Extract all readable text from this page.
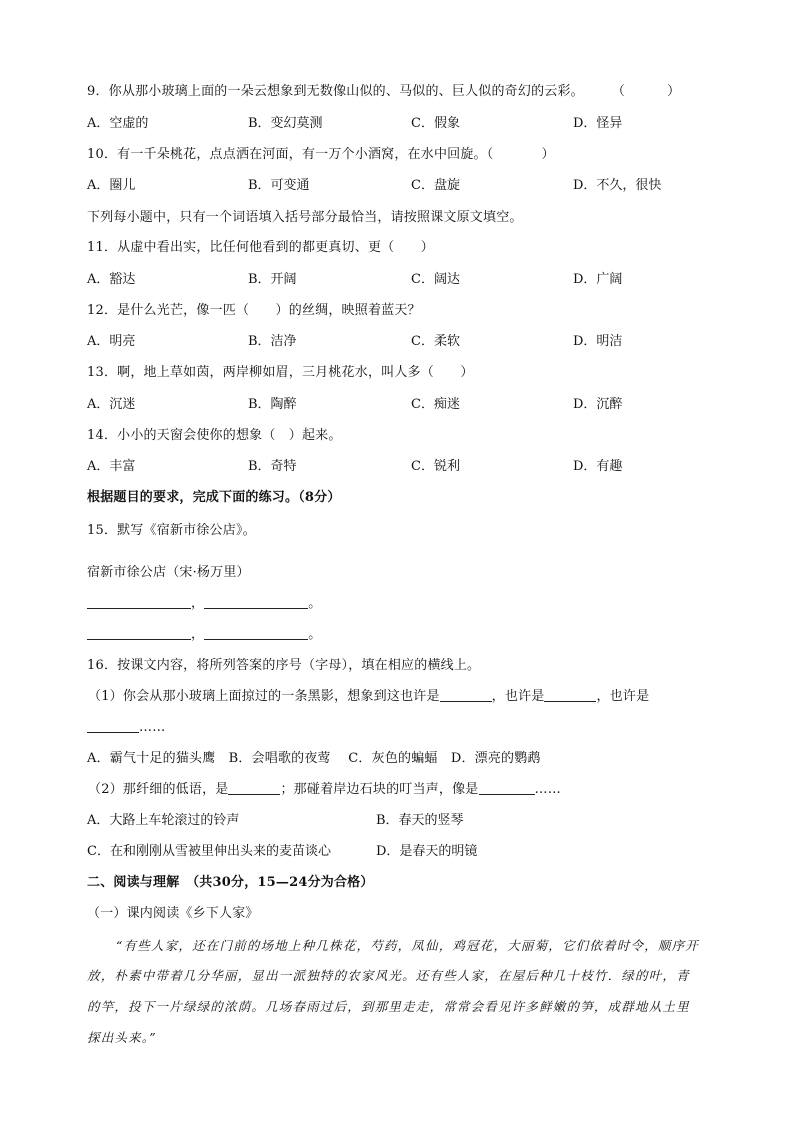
9．你从那小玻璃上面的一朵云想象到无数像山似的、马似的、巨人似的奇幻的云彩。 （	）
A．空虚的	B．变幻莫测	C．假象	D．怪异
10．有一千朵桃花，点点洒在河面，有一万个小酒窝，在水中回旋。（	）
A．圈儿	B．可变通	C．盘旋	D．不久，很快
下列每小题中，只有一个词语填入括号部分最恰当，请按照课文原文填空。
11．从虚中看出实，比任何他看到的都更真切、更（　　）
A．豁达	B．开阔	C．阔达	D．广阔
12．是什么光芒，像一匹（　　）的丝绸，映照着蓝天？
A．明亮	B．洁净	C．柔软	D．明洁
13．啊，地上草如茵，两岸柳如眉，三月桃花水，叫人多（　　）
A．沉迷	B．陶醉	C．痴迷	D．沉醉
14．小小的天窗会使你的想象（　）起来。
A．丰富	B．奇特	C．锐利	D．有趣
根据题目的要求，完成下面的练习。（8分）
15．默写《宿新市徐公店》。
宿新市徐公店（宋·杨万里）
，	。
，	。
16．按课文内容，将所列答案的序号（字母），填在相应的横线上。
（1）你会从那小玻璃上面掠过的一条黑影，想象到这也许是	，也许是	，也许是
……
A．霸气十足的猫头鹰　B．会唱歌的夜莺　 C．灰色的蝙蝠　D．漂亮的鹦鹉
（2）那纤细的低语，是	；那碰着岸边石块的叮当声，像是	……
A．大路上车轮滚过的铃声	B．春天的竖琴
C．在和刚刚从雪被里伸出头来的麦苗谈心	D．是春天的明镜
二、阅读与理解　（共30分，15—24分为合格）
（一）课内阅读《乡下人家》
“有些人家，还在门前的场地上种几株花，芍药，凤仙，鸡冠花，大丽菊，它们依着时令，顺序开
放，朴素中带着几分华丽，显出一派独特的农家风光。还有些人家，在屋后种几十枝竹．绿的叶，青
的竿，投下一片绿绿的浓荫。几场春雨过后，到那里走走，常常会看见许多鲜嫩的笋，成群地从土里
探出头来。”
